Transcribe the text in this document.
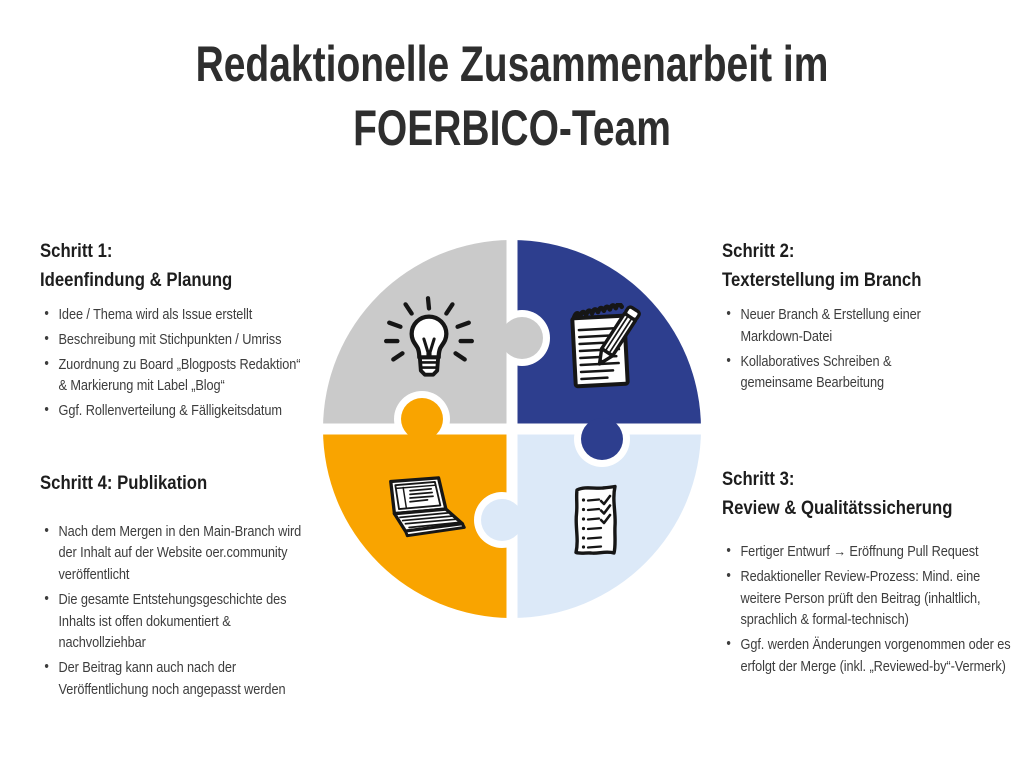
Redaktionelle Zusammenarbeit im
FOERBICO-Team
Schritt 1:
Ideenfindung & Planung
• Idee / Thema wird als Issue erstellt
• Beschreibung mit Stichpunkten / Umriss
• Zuordnung zu Board „Blogposts Redaktion“ & Markierung mit Label „Blog“
• Ggf. Rollenverteilung & Fälligkeitsdatum
Schritt 2:
Texterstellung im Branch
• Neuer Branch & Erstellung einer Markdown-Datei
• Kollaboratives Schreiben & gemeinsame Bearbeitung
Schritt 3:
Review & Qualitätssicherung
• Fertiger Entwurf → Eröffnung Pull Request
• Redaktioneller Review-Prozess: Mind. eine weitere Person prüft den Beitrag (inhaltlich, sprachlich & formal-technisch)
• Ggf. werden Änderungen vorgenommen oder es erfolgt der Merge (inkl. „Reviewed-by“-Vermerk)
Schritt 4: Publikation
• Nach dem Mergen in den Main-Branch wird der Inhalt auf der Website oer.community veröffentlicht
• Die gesamte Entstehungsgeschichte des Inhalts ist offen dokumentiert & nachvollziehbar
• Der Beitrag kann auch nach der Veröffentlichung noch angepasst werden
